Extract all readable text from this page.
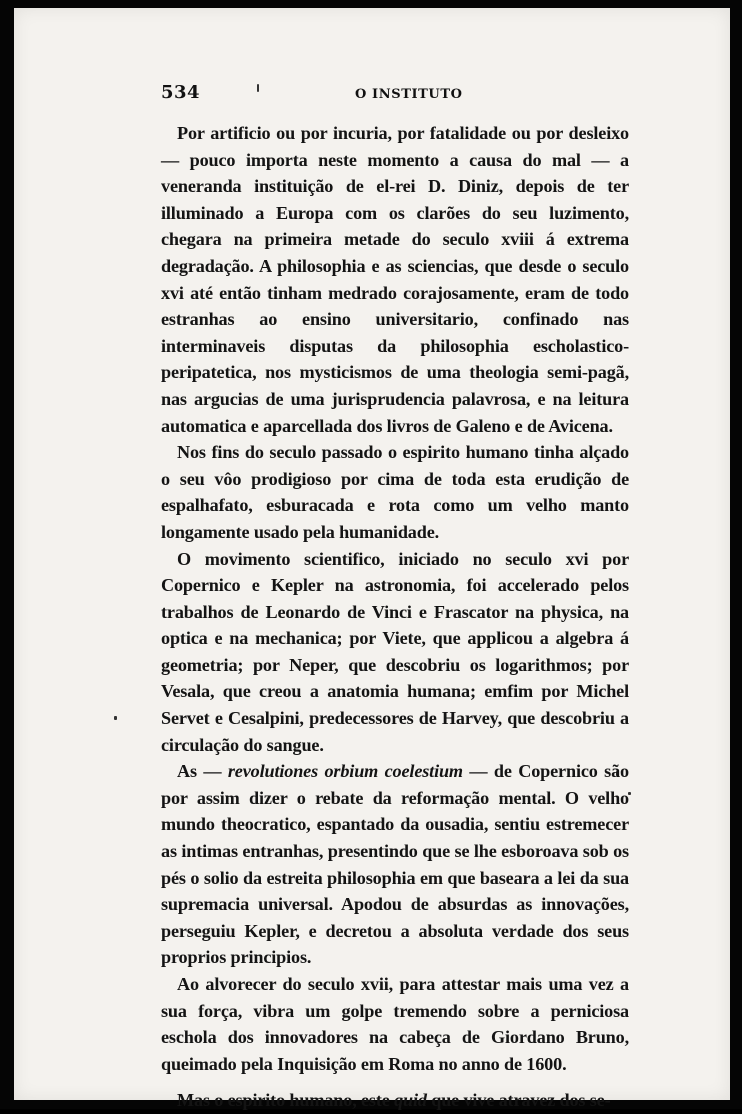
534	O INSTITUTO

Por artificio ou por incuria, por fatalidade ou por desleixo — pouco importa neste momento a causa do mal — a veneranda instituição de el-rei D. Diniz, depois de ter illuminado a Europa com os clarões do seu luzimento, chegara na primeira metade do seculo xviii á extrema degradação. A philosophia e as sciencias, que desde o seculo xvi até então tinham medrado corajosamente, eram de todo estranhas ao ensino universitario, confinado nas interminaveis disputas da philosophia escholastico-peripatetica, nos mysticismos de uma theologia semi-pagã, nas argucias de uma jurisprudencia palavrosa, e na leitura automatica e aparcellada dos livros de Galeno e de Avicena.

Nos fins do seculo passado o espirito humano tinha alçado o seu vôo prodigioso por cima de toda esta erudição de espalhafato, esburacada e rota como um velho manto longamente usado pela humanidade.

O movimento scientifico, iniciado no seculo xvi por Copernico e Kepler na astronomia, foi accelerado pelos trabalhos de Leonardo de Vinci e Frascator na physica, na optica e na mechanica; por Viete, que applicou a algebra á geometria; por Neper, que descobriu os logarithmos; por Vesala, que creou a anatomia humana; emfim por Michel Servet e Cesalpini, predecessores de Harvey, que descobriu a circulação do sangue.

As — revolutiones orbium coelestium — de Copernico são por assim dizer o rebate da reformação mental. O velho mundo theocratico, espantado da ousadia, sentiu estremecer as intimas entranhas, presentindo que se lhe esboroava sob os pés o solio da estreita philosophia em que baseara a lei da sua supremacia universal. Apodou de absurdas as innovações, perseguiu Kepler, e decretou a absoluta verdade dos seus proprios principios.

Ao alvorecer do seculo xvii, para attestar mais uma vez a sua força, vibra um golpe tremendo sobre a perniciosa eschola dos innovadores na cabeça de Giordano Bruno, queimado pela Inquisição em Roma no anno de 1600.

Mas o espirito humano, este quid que vive atravez dos se-
